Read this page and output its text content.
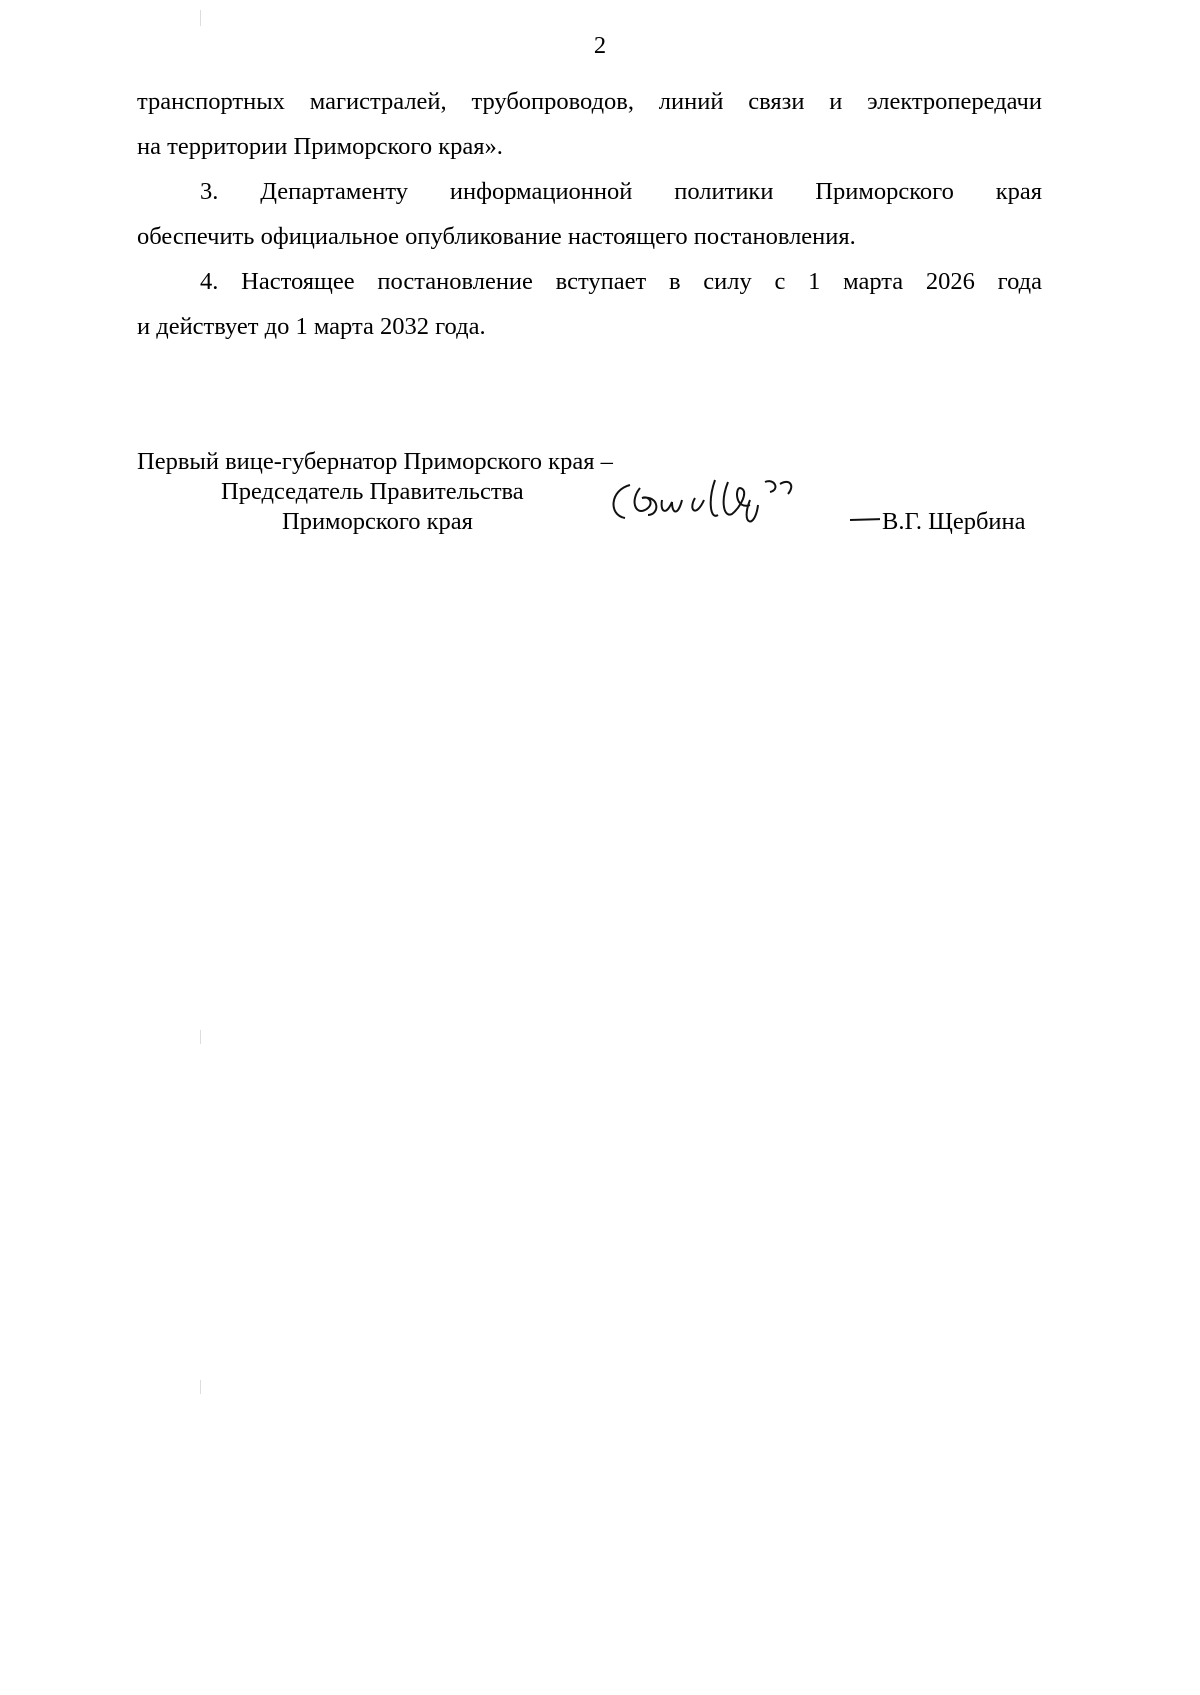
2
транспортных магистралей, трубопроводов, линий связи и электропередачи
на территории Приморского края».
3. Департаменту информационной политики Приморского края
обеспечить официальное опубликование настоящего постановления.
4. Настоящее постановление вступает в силу с 1 марта 2026 года
и действует до 1 марта 2032 года.
Первый вице-губернатор Приморского края –
Председатель Правительства
Приморского края	В.Г. Щербина
